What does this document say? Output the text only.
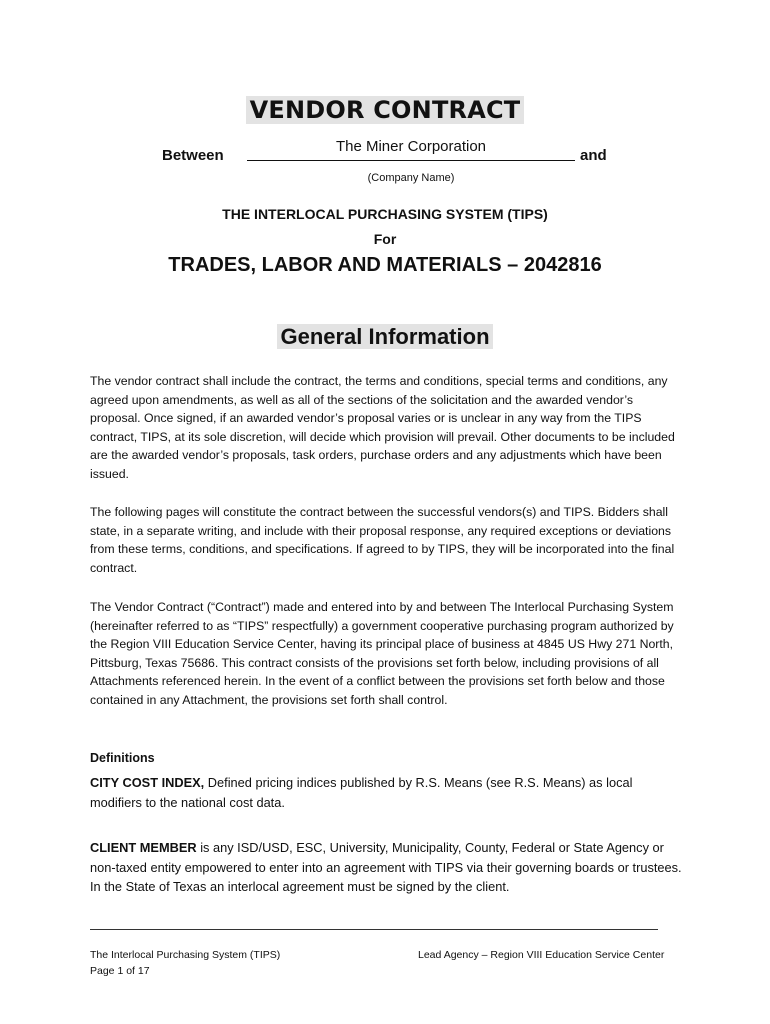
VENDOR CONTRACT
Between
The Miner Corporation
and
(Company Name)
THE INTERLOCAL PURCHASING SYSTEM (TIPS)
For
TRADES, LABOR AND MATERIALS – 2042816
General Information

The vendor contract shall include the contract, the terms and conditions, special terms and conditions, any agreed upon amendments, as well as all of the sections of the solicitation and the awarded vendor’s proposal. Once signed, if an awarded vendor’s proposal varies or is unclear in any way from the TIPS contract, TIPS, at its sole discretion, will decide which provision will prevail. Other documents to be included are the awarded vendor’s proposals, task orders, purchase orders and any adjustments which have been issued.

The following pages will constitute the contract between the successful vendors(s) and TIPS. Bidders shall state, in a separate writing, and include with their proposal response, any required exceptions or deviations from these terms, conditions, and specifications. If agreed to by TIPS, they will be incorporated into the final contract.

The Vendor Contract (“Contract”) made and entered into by and between The Interlocal Purchasing System (hereinafter referred to as “TIPS” respectfully) a government cooperative purchasing program authorized by the Region VIII Education Service Center, having its principal place of business at 4845 US Hwy 271 North, Pittsburg, Texas 75686. This contract consists of the provisions set forth below, including provisions of all Attachments referenced herein. In the event of a conflict between the provisions set forth below and those contained in any Attachment, the provisions set forth shall control.

Definitions
CITY COST INDEX, Defined pricing indices published by R.S. Means (see R.S. Means) as local modifiers to the national cost data.
CLIENT MEMBER is any ISD/USD, ESC, University, Municipality, County, Federal or State Agency or non-taxed entity empowered to enter into an agreement with TIPS via their governing boards or trustees. In the State of Texas an interlocal agreement must be signed by the client.
The Interlocal Purchasing System (TIPS)
Page 1 of 17
Lead Agency – Region VIII Education Service Center
